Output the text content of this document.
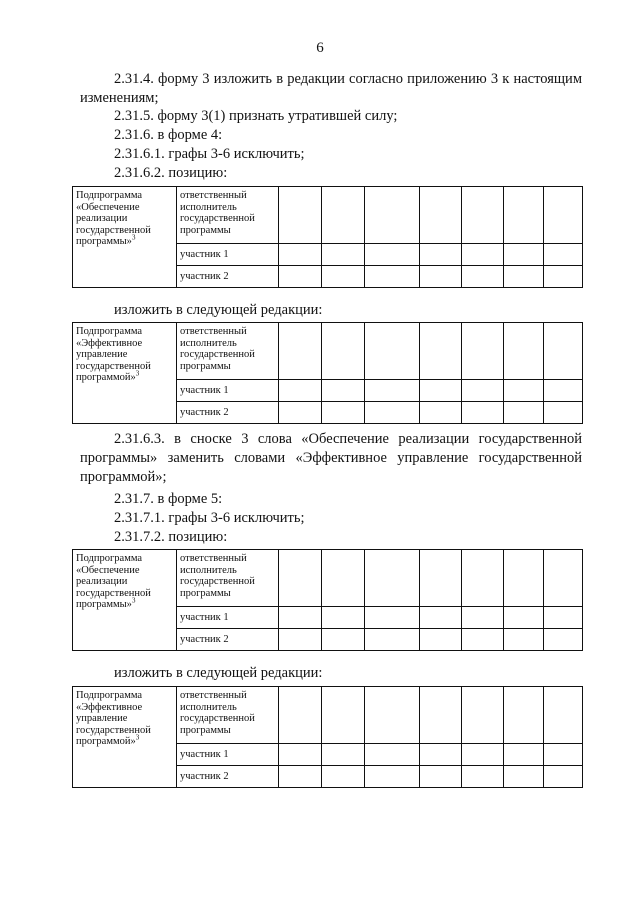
6
2.31.4. форму 3 изложить в редакции согласно приложению 3 к настоящим изменениям;
2.31.5. форму 3(1) признать утратившей силу;
2.31.6. в форме 4:
2.31.6.1. графы 3-6 исключить;
2.31.6.2. позицию:
Подпрограмма «Обеспечение реализации государственной программы»$^3$	ответственный исполнитель государственной программы							
	участник 1							
	участник 2							
изложить в следующей редакции:
Подпрограмма «Эффективное управление государственной программой»$^3$	ответственный исполнитель государственной программы							
	участник 1							
	участник 2							
2.31.6.3. в сноске 3 слова «Обеспечение реализации государственной программы» заменить словами «Эффективное управление государственной программой»;
2.31.7. в форме 5:
2.31.7.1. графы 3-6 исключить;
2.31.7.2. позицию:
Подпрограмма «Обеспечение реализации государственной программы»$^3$	ответственный исполнитель государственной программы							
	участник 1							
	участник 2							
изложить в следующей редакции:
Подпрограмма «Эффективное управление государственной программой»$^3$	ответственный исполнитель государственной программы							
	участник 1							
	участник 2							
